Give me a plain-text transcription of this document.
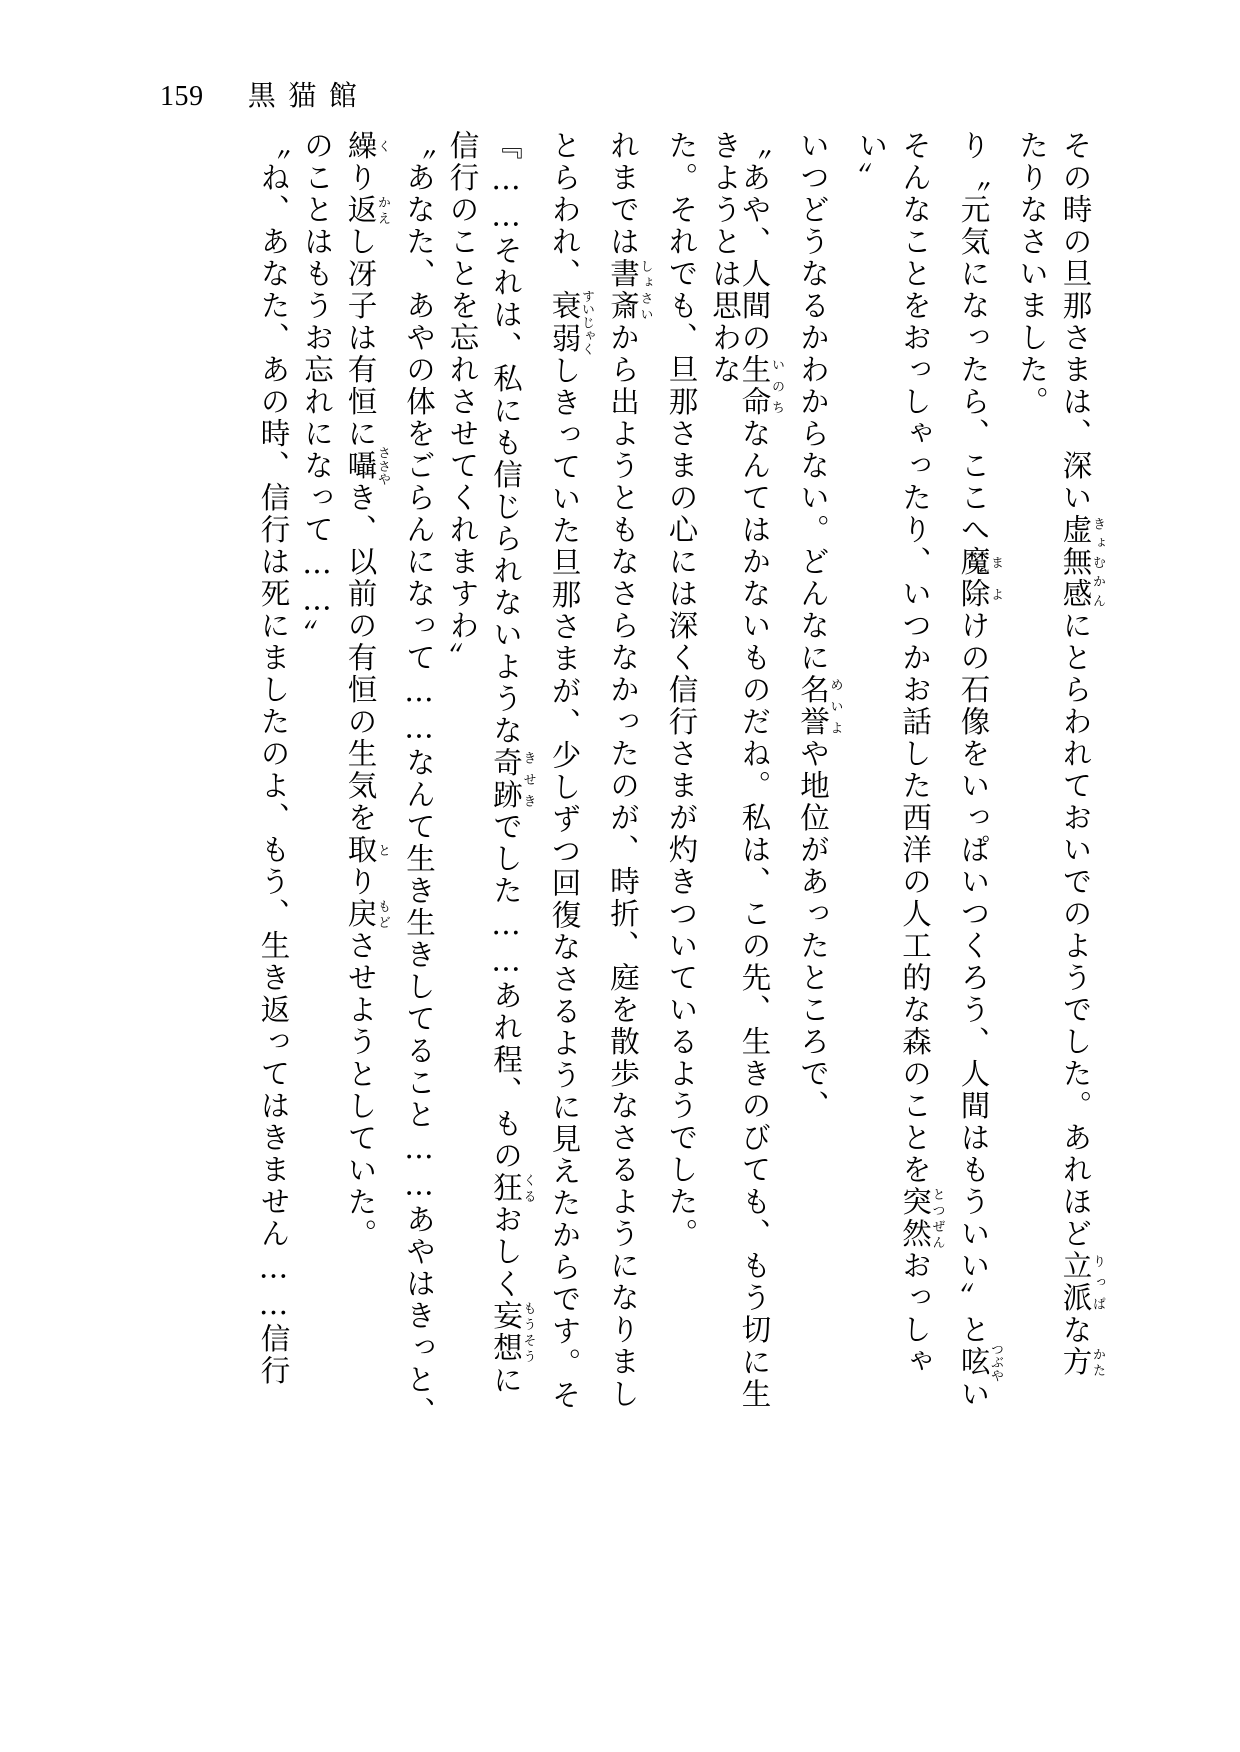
159 黒猫館
〝ね、あなた、あの時、信行は死にましたのよ、もう、生き返ってはきません……信行 のことはもうお忘れになって……〟 繰くり返かえし冴子は有恒に囁ささやき、以前の有恒の生気を取とり戻もどさせようとしていた。 〝あなた、あやの体をごらんになって……なんて生き生きしてること……あやはきっと、 信行のことを忘れさせてくれますわ〟 『……それは、私にも信じられないような奇跡きせきでした……あれ程、もの狂くるおしく妄想もうそうに
とらわれ、衰弱すいじゃくしきっていた旦那さまが、少しずつ回復なさるように見えたからです。そ
れまでは書斎しょさいから出ようともなさらなかったのが、時折、庭を散歩なさるようになりまし た。それでも、旦那さまの心には深く信行さまが灼きついているようでした。	〝あや、人間の生命いのちなんてはかないものだね。私は、この先、生きのびても、もう切に生きようとは思わな	いつどうなるかわからない。どんなに名誉めいよや地位があったところで、
い〟 そんなことをおっしゃったり、いつかお話した西洋の人工的な森のことを突然とつぜんおっしゃ
り〝元気になったら、ここへ魔除まよけの石像をいっぱいつくろう、人間はもういい〟と呟つぶやい
たりなさいました。 その時の旦那さまは、深い虚無感きょむかんにとらわれておいでのようでした。あれほど立派りっぱな方かた
